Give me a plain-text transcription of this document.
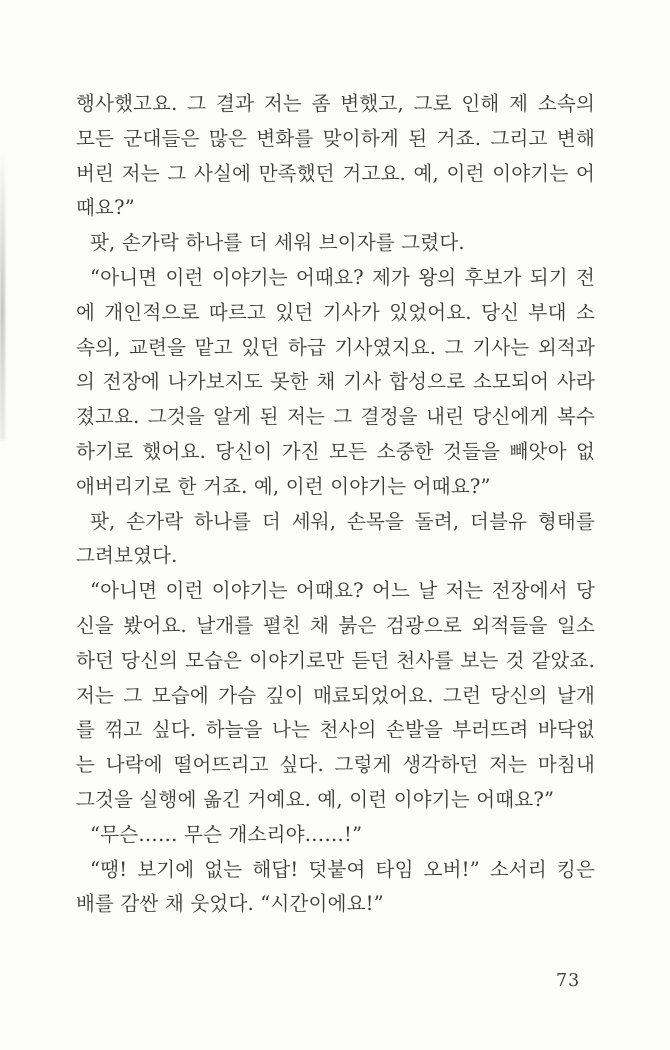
행사했고요. 그 결과 저는 좀 변했고, 그로 인해 제 소속의
모든 군대들은 많은 변화를 맞이하게 된 거죠. 그리고 변해
버린 저는 그 사실에 만족했던 거고요. 예, 이런 이야기는 어
때요?”
팟, 손가락 하나를 더 세워 브이자를 그렸다.
“아니면 이런 이야기는 어때요? 제가 왕의 후보가 되기 전
에 개인적으로 따르고 있던 기사가 있었어요. 당신 부대 소
속의, 교련을 맡고 있던 하급 기사였지요. 그 기사는 외적과
의 전장에 나가보지도 못한 채 기사 합성으로 소모되어 사라
졌고요. 그것을 알게 된 저는 그 결정을 내린 당신에게 복수
하기로 했어요. 당신이 가진 모든 소중한 것들을 빼앗아 없
애버리기로 한 거죠. 예, 이런 이야기는 어때요?”
팟, 손가락 하나를 더 세워, 손목을 돌려, 더블유 형태를
그려보였다.
“아니면 이런 이야기는 어때요? 어느 날 저는 전장에서 당
신을 봤어요. 날개를 펼친 채 붉은 검광으로 외적들을 일소
하던 당신의 모습은 이야기로만 듣던 천사를 보는 것 같았죠.
저는 그 모습에 가슴 깊이 매료되었어요. 그런 당신의 날개
를 꺾고 싶다. 하늘을 나는 천사의 손발을 부러뜨려 바닥없
는 나락에 떨어뜨리고 싶다. 그렇게 생각하던 저는 마침내
그것을 실행에 옮긴 거예요. 예, 이런 이야기는 어때요?”
“무슨…… 무슨 개소리야……!”
“땡! 보기에 없는 해답! 덧붙여 타임 오버!” 소서리 킹은
배를 감싼 채 웃었다. “시간이에요!”
73
